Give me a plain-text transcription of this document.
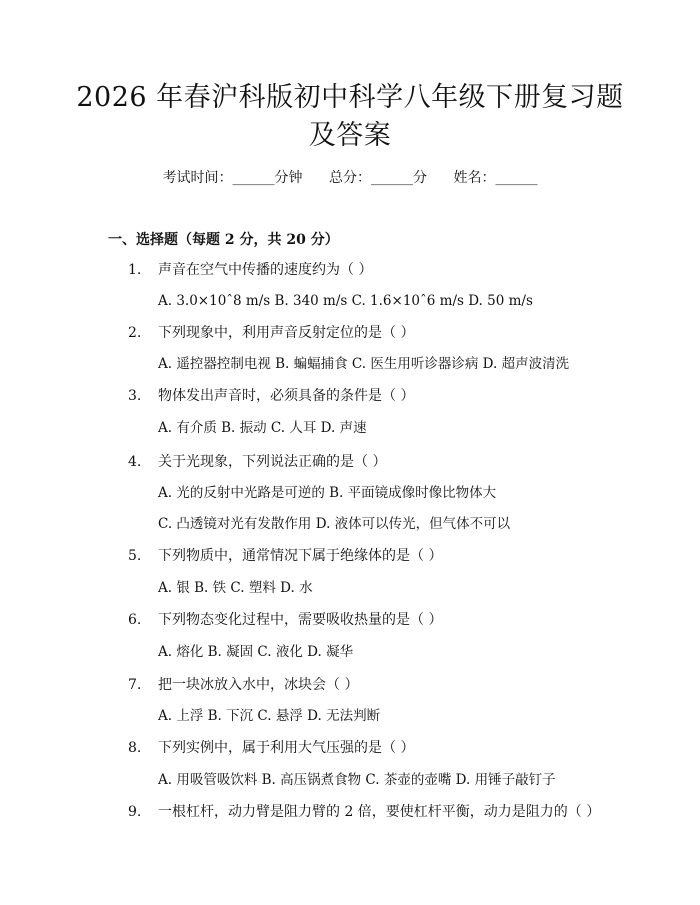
2026 年春沪科版初中科学八年级下册复习题
及答案
考试时间：______分钟 总分：______分 姓名：______
一、选择题（每题 2 分，共 20 分）
1. 声音在空气中传播的速度约为（ ）
A. 3.0×10ˆ8 m/s B. 340 m/s C. 1.6×10ˆ6 m/s D. 50 m/s
2. 下列现象中，利用声音反射定位的是（ ）
A. 遥控器控制电视 B. 蝙蝠捕食 C. 医生用听诊器诊病 D. 超声波清洗
3. 物体发出声音时，必须具备的条件是（ ）
A. 有介质 B. 振动 C. 人耳 D. 声速
4. 关于光现象，下列说法正确的是（ ）
A. 光的反射中光路是可逆的 B. 平面镜成像时像比物体大
C. 凸透镜对光有发散作用 D. 液体可以传光，但气体不可以
5. 下列物质中，通常情况下属于绝缘体的是（ ）
A. 银 B. 铁 C. 塑料 D. 水
6. 下列物态变化过程中，需要吸收热量的是（ ）
A. 熔化 B. 凝固 C. 液化 D. 凝华
7. 把一块冰放入水中，冰块会（ ）
A. 上浮 B. 下沉 C. 悬浮 D. 无法判断
8. 下列实例中，属于利用大气压强的是（ ）
A. 用吸管吸饮料 B. 高压锅煮食物 C. 茶壶的壶嘴 D. 用锤子敲钉子
9. 一根杠杆，动力臂是阻力臂的 2 倍，要使杠杆平衡，动力是阻力的（ ）
